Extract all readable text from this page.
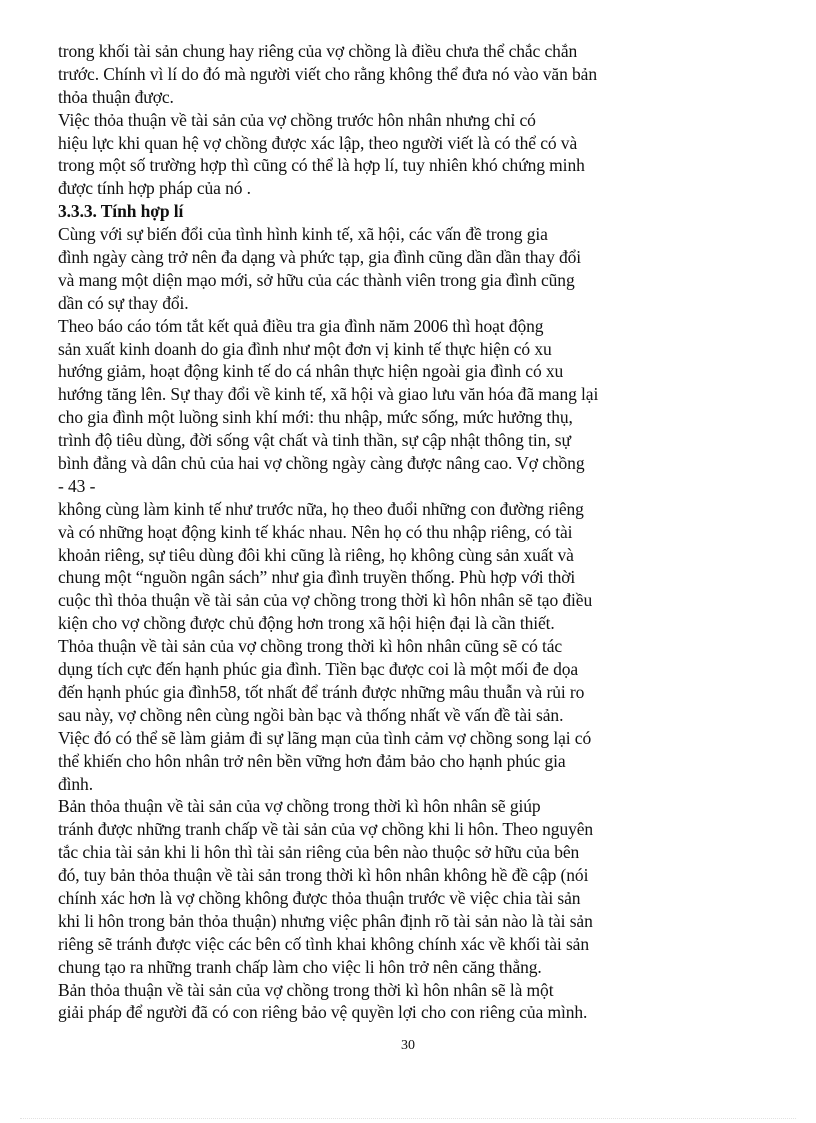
trong khối tài sản chung hay riêng của vợ chồng là điều chưa thể chắc chắn
trước. Chính vì lí do đó mà người viết cho rằng không thể đưa nó vào văn bản
thỏa thuận được.
Việc thỏa thuận về tài sản của vợ chồng trước hôn nhân nhưng chỉ có
hiệu lực khi quan hệ vợ chồng được xác lập, theo người viết là có thể có và
trong một số trường hợp thì cũng có thể là hợp lí, tuy nhiên khó chứng minh
được tính hợp pháp của nó .
3.3.3. Tính hợp lí
Cùng với sự biến đổi của tình hình kinh tế, xã hội, các vấn đề trong gia
đình ngày càng trở nên đa dạng và phức tạp, gia đình cũng dần dần thay đổi
và mang một diện mạo mới, sở hữu của các thành viên trong gia đình cũng
dần có sự thay đổi.
Theo báo cáo tóm tắt kết quả điều tra gia đình năm 2006 thì hoạt động
sản xuất kinh doanh do gia đình như một đơn vị kinh tế thực hiện có xu
hướng giảm, hoạt động kinh tế do cá nhân thực hiện ngoài gia đình có xu
hướng tăng lên. Sự thay đổi về kinh tế, xã hội và giao lưu văn hóa đã mang lại
cho gia đình một luồng sinh khí mới: thu nhập, mức sống, mức hưởng thụ,
trình độ tiêu dùng, đời sống vật chất và tinh thần, sự cập nhật thông tin, sự
bình đẳng và dân chủ của hai vợ chồng ngày càng được nâng cao. Vợ chồng
- 43 -
không cùng làm kinh tế như trước nữa, họ theo đuổi những con đường riêng
và có những hoạt động kinh tế khác nhau. Nên họ có thu nhập riêng, có tài
khoản riêng, sự tiêu dùng đôi khi cũng là riêng, họ không cùng sản xuất và
chung một “nguồn ngân sách” như gia đình truyền thống. Phù hợp với thời
cuộc thì thỏa thuận về tài sản của vợ chồng trong thời kì hôn nhân sẽ tạo điều
kiện cho vợ chồng được chủ động hơn trong xã hội hiện đại là cần thiết.
Thỏa thuận về tài sản của vợ chồng trong thời kì hôn nhân cũng sẽ có tác
dụng tích cực đến hạnh phúc gia đình. Tiền bạc được coi là một mối đe dọa
đến hạnh phúc gia đình58, tốt nhất để tránh được những mâu thuẫn và rủi ro
sau này, vợ chồng nên cùng ngồi bàn bạc và thống nhất về vấn đề tài sản.
Việc đó có thể sẽ làm giảm đi sự lãng mạn của tình cảm vợ chồng song lại có
thể khiến cho hôn nhân trở nên bền vững hơn đảm bảo cho hạnh phúc gia
đình.
Bản thỏa thuận về tài sản của vợ chồng trong thời kì hôn nhân sẽ giúp
tránh được những tranh chấp về tài sản của vợ chồng khi li hôn. Theo nguyên
tắc chia tài sản khi li hôn thì tài sản riêng của bên nào thuộc sở hữu của bên
đó, tuy bản thỏa thuận về tài sản trong thời kì hôn nhân không hề đề cập (nói
chính xác hơn là vợ chồng không được thỏa thuận trước về việc chia tài sản
khi li hôn trong bản thỏa thuận) nhưng việc phân định rõ tài sản nào là tài sản
riêng sẽ tránh được việc các bên cố tình khai không chính xác về khối tài sản
chung tạo ra những tranh chấp làm cho việc li hôn trở nên căng thẳng.
Bản thỏa thuận về tài sản của vợ chồng trong thời kì hôn nhân sẽ là một
giải pháp để người đã có con riêng bảo vệ quyền lợi cho con riêng của mình.
30
